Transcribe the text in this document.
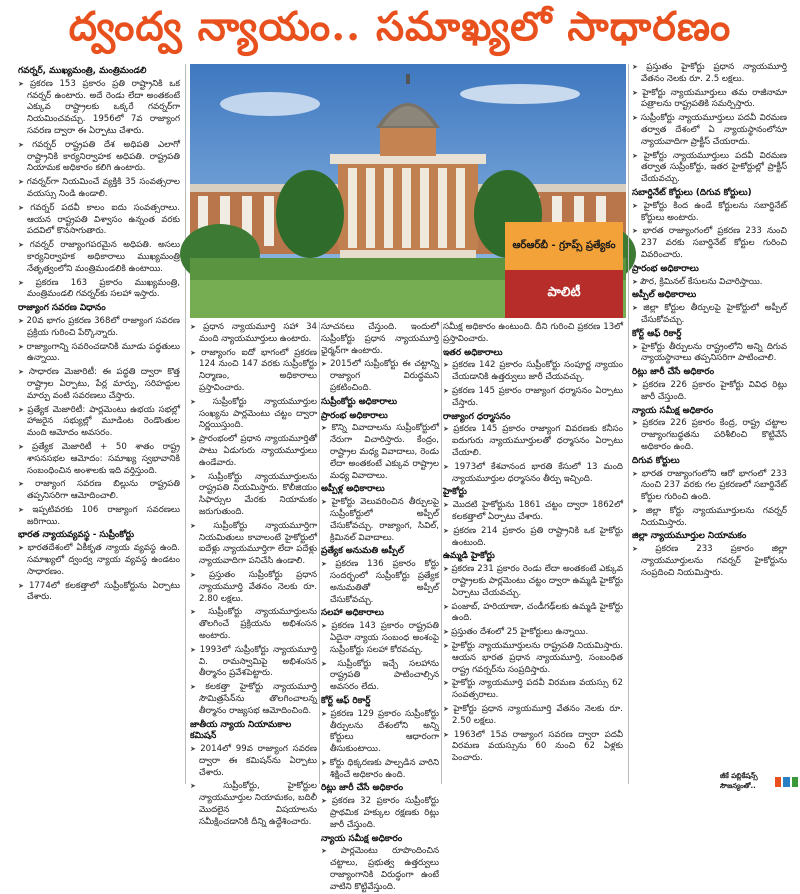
ద్వంద్వ న్యాయం.. సమాఖ్యలో సాధారణం
గవర్నర్, ముఖ్యమంత్రి, మంత్రిమండలి

➤ ప్రకరణ 153 ప్రకారం ప్రతి రాష్ట్రానికి ఒక గవర్నర్ ఉంటారు. అదే రెండు లేదా అంతకంటే ఎక్కువ రాష్ట్రాలకు ఒక్కరే గవర్నర్‌గా నియమించవచ్చు. 1956లో 7వ రాజ్యాంగ సవరణ ద్వారా ఈ ఏర్పాటు చేశారు.

➤ గవర్నర్ రాష్ట్రపతి దేశ అధిపతి ఎలాగో రాష్ట్రానికి కార్యనిర్వాహక అధిపతి. రాష్ట్రపతి నియామక అధికారం కలిగి ఉంటారు.

➤ గవర్నర్‌గా నియమించే వ్యక్తికి 35 సంవత్సరాల వయస్సు నిండి ఉండాలి.

➤ గవర్నర్ పదవీ కాలం ఐదు సంవత్సరాలు. ఆయన రాష్ట్రపతి విశ్వాసం ఉన్నంత వరకు పదవిలో కొనసాగుతారు.

➤ గవర్నర్ రాజ్యాంగపరమైన అధిపతి. అసలు కార్యనిర్వాహక అధికారాలు ముఖ్యమంత్రి నేతృత్వంలోని మంత్రిమండలికి ఉంటాయి.

➤ ప్రకరణ 163 ప్రకారం ముఖ్యమంత్రి, మంత్రిమండలి గవర్నర్‌కు సలహా ఇస్తారు.

రాజ్యాంగ సవరణ విధానం

➤ 20వ భాగం ప్రకరణ 368లో రాజ్యాంగ సవరణ ప్రక్రియ గురించి పేర్కొన్నారు.

➤ రాజ్యాంగాన్ని సవరించడానికి మూడు పద్ధతులు ఉన్నాయి.

➤ సాధారణ మెజారిటీ: ఈ పద్ధతి ద్వారా కొత్త రాష్ట్రాల ఏర్పాటు, పేర్ల మార్పు, సరిహద్దుల మార్పు వంటి సవరణలు చేస్తారు.

➤ ప్రత్యేక మెజారిటీ: పార్లమెంటు ఉభయ సభల్లో హాజరైన సభ్యుల్లో మూడింట రెండొంతుల మంది ఆమోదం అవసరం.

➤ ప్రత్యేక మెజారిటీ + 50 శాతం రాష్ట్ర శాసనసభల ఆమోదం: సమాఖ్య స్వభావానికి సంబంధించిన అంశాలకు ఇది వర్తిస్తుంది.

➤ రాజ్యాంగ సవరణ బిల్లును రాష్ట్రపతి తప్పనిసరిగా ఆమోదించాలి.

➤ ఇప్పటివరకు 106 రాజ్యాంగ సవరణలు జరిగాయి.

భారత న్యాయవ్యవస్థ - సుప్రీంకోర్టు

➤ భారతదేశంలో ఏకీకృత న్యాయ వ్యవస్థ ఉంది. సమాఖ్యలో ద్వంద్వ న్యాయ వ్యవస్థ ఉండటం సాధారణం.

➤ 1774లో కలకత్తాలో సుప్రీంకోర్టును ఏర్పాటు చేశారు.

ఆర్‌ఆర్‌బీ - గ్రూప్స్ ప్రత్యేకం
పాలిటీ

➤ ప్రధాన న్యాయమూర్తి సహా 34 మంది న్యాయమూర్తులు ఉంటారు.

➤ రాజ్యాంగం ఐదో భాగంలో ప్రకరణ 124 నుంచి 147 వరకు సుప్రీంకోర్టు నిర్మాణం, అధికారాలు ప్రస్తావించారు.

➤ సుప్రీంకోర్టు న్యాయమూర్తుల సంఖ్యను పార్లమెంటు చట్టం ద్వారా నిర్ణయిస్తుంది.

➤ ప్రారంభంలో ప్రధాన న్యాయమూర్తితో పాటు ఏడుగురు న్యాయమూర్తులు ఉండేవారు.

➤ సుప్రీంకోర్టు న్యాయమూర్తులను రాష్ట్రపతి నియమిస్తారు. కొలీజియం సిఫార్సుల మేరకు నియామకం జరుగుతుంది.

➤ సుప్రీంకోర్టు న్యాయమూర్తిగా నియమితులు కావాలంటే హైకోర్టులో ఐదేళ్లు న్యాయమూర్తిగా లేదా పదేళ్లు న్యాయవాదిగా పనిచేసి ఉండాలి.

➤ ప్రస్తుతం సుప్రీంకోర్టు ప్రధాన న్యాయమూర్తి వేతనం నెలకు రూ. 2.80 లక్షలు.

➤ సుప్రీంకోర్టు న్యాయమూర్తులను తొలగించే ప్రక్రియను అభిశంసన అంటారు.

➤ 1993లో సుప్రీంకోర్టు న్యాయమూర్తి వి. రామస్వామిపై అభిశంసన తీర్మానం ప్రవేశపెట్టారు.

➤ కలకత్తా హైకోర్టు న్యాయమూర్తి సౌమిత్రసేన్‌ను తొలగించాలన్న తీర్మానం రాజ్యసభ ఆమోదించింది.

జాతీయ న్యాయ నియామకాల కమిషన్

➤ 2014లో 99వ రాజ్యాంగ సవరణ ద్వారా ఈ కమిషన్‌ను ఏర్పాటు చేశారు.

➤ సుప్రీంకోర్టు, హైకోర్టుల న్యాయమూర్తుల నియామకం, బదిలీ మొదలైన విషయాలను సమీక్షించడానికి దీన్ని ఉద్దేశించారు.

సూచనలు చేస్తుంది. ఇందులో సుప్రీంకోర్టు ప్రధాన న్యాయమూర్తి ఛైర్మన్‌గా ఉంటారు.

➤ 2015లో సుప్రీంకోర్టు ఈ చట్టాన్ని రాజ్యాంగ విరుద్ధమని ప్రకటించింది.

సుప్రీంకోర్టు అధికారాలు
ప్రారంభ అధికారాలు

➤ కొన్ని వివాదాలను సుప్రీంకోర్టులో నేరుగా విచారిస్తారు. కేంద్రం, రాష్ట్రాల మధ్య వివాదాలు, రెండు లేదా అంతకంటే ఎక్కువ రాష్ట్రాల మధ్య వివాదాలు.

అప్పీళ్ల అధికారాలు

➤ హైకోర్టు వెలువరించిన తీర్పులపై సుప్రీంకోర్టులో అప్పీల్ చేసుకోవచ్చు. రాజ్యాంగ, సివిల్, క్రిమినల్ వివాదాలు.

ప్రత్యేక అనుమతి అప్పీల్

➤ ప్రకరణ 136 ప్రకారం కోర్టు సందర్భంలో సుప్రీంకోర్టు ప్రత్యేక అనుమతితో అప్పీల్ చేసుకోవచ్చు.

సలహా అధికారాలు

➤ ప్రకరణ 143 ప్రకారం రాష్ట్రపతి ఏదైనా న్యాయ సంబంధ అంశంపై సుప్రీంకోర్టు సలహా కోరవచ్చు.

➤ సుప్రీంకోర్టు ఇచ్చే సలహాను రాష్ట్రపతి పాటించాల్సిన అవసరం లేదు.

కోర్ట్ ఆఫ్ రికార్డ్

➤ ప్రకరణ 129 ప్రకారం సుప్రీంకోర్టు తీర్పులను దేశంలోని అన్ని కోర్టులు ఆధారంగా తీసుకుంటాయి.

➤ కోర్టు ధిక్కరణకు పాల్పడిన వారిని శిక్షించే అధికారం ఉంది.

రిట్లు జారీ చేసే అధికారం

➤ ప్రకరణ 32 ప్రకారం సుప్రీంకోర్టు ప్రాథమిక హక్కుల రక్షణకు రిట్లు జారీ చేస్తుంది.

న్యాయ సమీక్ష అధికారం

➤ పార్లమెంటు రూపొందించిన చట్టాలు, ప్రభుత్వ ఉత్తర్వులు రాజ్యాంగానికి విరుద్ధంగా ఉంటే వాటిని కొట్టివేస్తుంది.

సమీక్ష అధికారం ఉంటుంది. దీని గురించి ప్రకరణ 13లో ప్రస్తావించారు.

ఇతర అధికారాలు

➤ ప్రకరణ 142 ప్రకారం సుప్రీంకోర్టు సంపూర్ణ న్యాయం చేయడానికి ఉత్తర్వులు జారీ చేయవచ్చు.

➤ ప్రకరణ 145 ప్రకారం రాజ్యాంగ ధర్మాసనం ఏర్పాటు చేస్తారు.

రాజ్యాంగ ధర్మాసనం

➤ ప్రకరణ 145 ప్రకారం రాజ్యాంగ వివరణకు కనీసం ఐదుగురు న్యాయమూర్తులతో ధర్మాసనం ఏర్పాటు చేయాలి.

➤ 1973లో కేశవానంద భారతి కేసులో 13 మంది న్యాయమూర్తుల ధర్మాసనం తీర్పు ఇచ్చింది.

హైకోర్టు

➤ మొదటి హైకోర్టును 1861 చట్టం ద్వారా 1862లో కలకత్తాలో ఏర్పాటు చేశారు.

➤ ప్రకరణ 214 ప్రకారం ప్రతి రాష్ట్రానికి ఒక హైకోర్టు ఉంటుంది.

ఉమ్మడి హైకోర్టు

➤ ప్రకరణ 231 ప్రకారం రెండు లేదా అంతకంటే ఎక్కువ రాష్ట్రాలకు పార్లమెంటు చట్టం ద్వారా ఉమ్మడి హైకోర్టు ఏర్పాటు చేయవచ్చు.

➤ పంజాబ్, హరియాణా, చండీగఢ్‌లకు ఉమ్మడి హైకోర్టు ఉంది.

➤ ప్రస్తుతం దేశంలో 25 హైకోర్టులు ఉన్నాయి.

➤ హైకోర్టు న్యాయమూర్తులను రాష్ట్రపతి నియమిస్తారు. ఆయన భారత ప్రధాన న్యాయమూర్తి, సంబంధిత రాష్ట్ర గవర్నర్‌ను సంప్రదిస్తారు.

➤ హైకోర్టు న్యాయమూర్తి పదవీ విరమణ వయస్సు 62 సంవత్సరాలు.

➤ హైకోర్టు ప్రధాన న్యాయమూర్తి వేతనం నెలకు రూ. 2.50 లక్షలు.

➤ 1963లో 15వ రాజ్యాంగ సవరణ ద్వారా పదవీ విరమణ వయస్సును 60 నుంచి 62 ఏళ్లకు పెంచారు.

➤ ప్రస్తుతం హైకోర్టు ప్రధాన న్యాయమూర్తి వేతనం నెలకు రూ. 2.5 లక్షలు.

➤ హైకోర్టు న్యాయమూర్తులు తమ రాజీనామా పత్రాలను రాష్ట్రపతికి సమర్పిస్తారు.

➤ సుప్రీంకోర్టు న్యాయమూర్తులు పదవీ విరమణ తర్వాత దేశంలో ఏ న్యాయస్థానంలోనూ న్యాయవాదిగా ప్రాక్టీస్ చేయరాదు.

➤ హైకోర్టు న్యాయమూర్తులు పదవీ విరమణ తర్వాత సుప్రీంకోర్టు, ఇతర హైకోర్టుల్లో ప్రాక్టీస్ చేయవచ్చు.

సబార్డినేట్ కోర్టులు (దిగువ కోర్టులు)

➤ హైకోర్టు కింద ఉండే కోర్టులను సబార్డినేట్ కోర్టులు అంటారు.

➤ భారత రాజ్యాంగంలో ప్రకరణ 233 నుంచి 237 వరకు సబార్డినేట్ కోర్టుల గురించి వివరించారు.

ప్రారంభ అధికారాలు

➤ పౌర, క్రిమినల్ కేసులను విచారిస్తాయి.

అప్పీల్ అధికారాలు

➤ జిల్లా కోర్టుల తీర్పులపై హైకోర్టులో అప్పీల్ చేసుకోవచ్చు.

కోర్ట్ ఆఫ్ రికార్డ్

➤ హైకోర్టు తీర్పులను రాష్ట్రంలోని అన్ని దిగువ న్యాయస్థానాలు తప్పనిసరిగా పాటించాలి.

రిట్లు జారీ చేసే అధికారం

➤ ప్రకరణ 226 ప్రకారం హైకోర్టు వివిధ రిట్లు జారీ చేస్తుంది.

న్యాయ సమీక్ష అధికారం

➤ ప్రకరణ 226 ప్రకారం కేంద్ర, రాష్ట్ర చట్టాల రాజ్యాంగబద్ధతను పరిశీలించి కొట్టివేసే అధికారం ఉంది.

దిగువ కోర్టులు

➤ భారత రాజ్యాంగంలోని ఆరో భాగంలో 233 నుంచి 237 వరకు గల ప్రకరణలో సబార్డినేట్ కోర్టుల గురించి ఉంది.

➤ జిల్లా కోర్టు న్యాయమూర్తులను గవర్నర్ నియమిస్తారు.

జిల్లా న్యాయమూర్తుల నియామకం

➤ ప్రకరణ 233 ప్రకారం జిల్లా న్యాయమూర్తులను గవర్నర్ హైకోర్టును సంప్రదించి నియమిస్తారు.

జీకే పబ్లికేషన్స్ సౌజన్యంతో..
